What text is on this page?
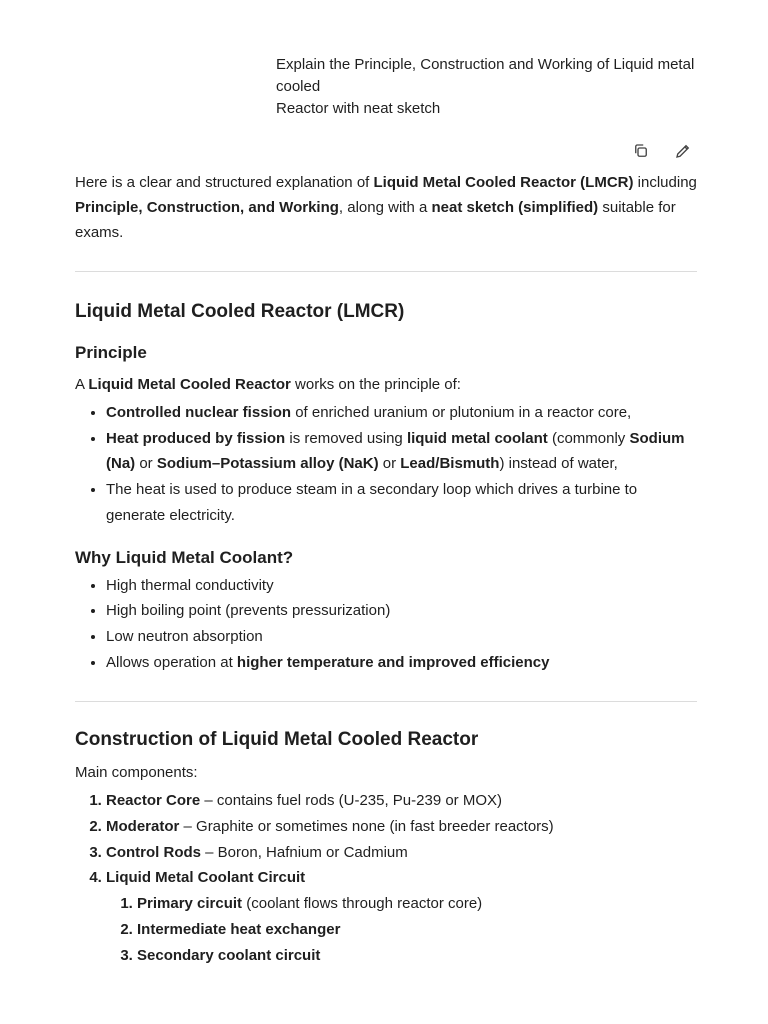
Explain the Principle, Construction and Working of Liquid metal cooled
Reactor with neat sketch

Here is a clear and structured explanation of Liquid Metal Cooled Reactor (LMCR) including Principle, Construction, and Working, along with a neat sketch (simplified) suitable for exams.

Liquid Metal Cooled Reactor (LMCR)
Principle

A Liquid Metal Cooled Reactor works on the principle of:

• Controlled nuclear fission of enriched uranium or plutonium in a reactor core,
• Heat produced by fission is removed using liquid metal coolant (commonly Sodium (Na) or Sodium–Potassium alloy (NaK) or Lead/Bismuth) instead of water,
• The heat is used to produce steam in a secondary loop which drives a turbine to generate electricity.
Why Liquid Metal Coolant?
• High thermal conductivity
• High boiling point (prevents pressurization)
• Low neutron absorption
• Allows operation at higher temperature and improved efficiency
Construction of Liquid Metal Cooled Reactor

Main components:

1. Reactor Core – contains fuel rods (U-235, Pu-239 or MOX)
2. Moderator – Graphite or sometimes none (in fast breeder reactors)
3. Control Rods – Boron, Hafnium or Cadmium
4. Liquid Metal Coolant Circuit
1. Primary circuit (coolant flows through reactor core)
2. Intermediate heat exchanger
3. Secondary coolant circuit
